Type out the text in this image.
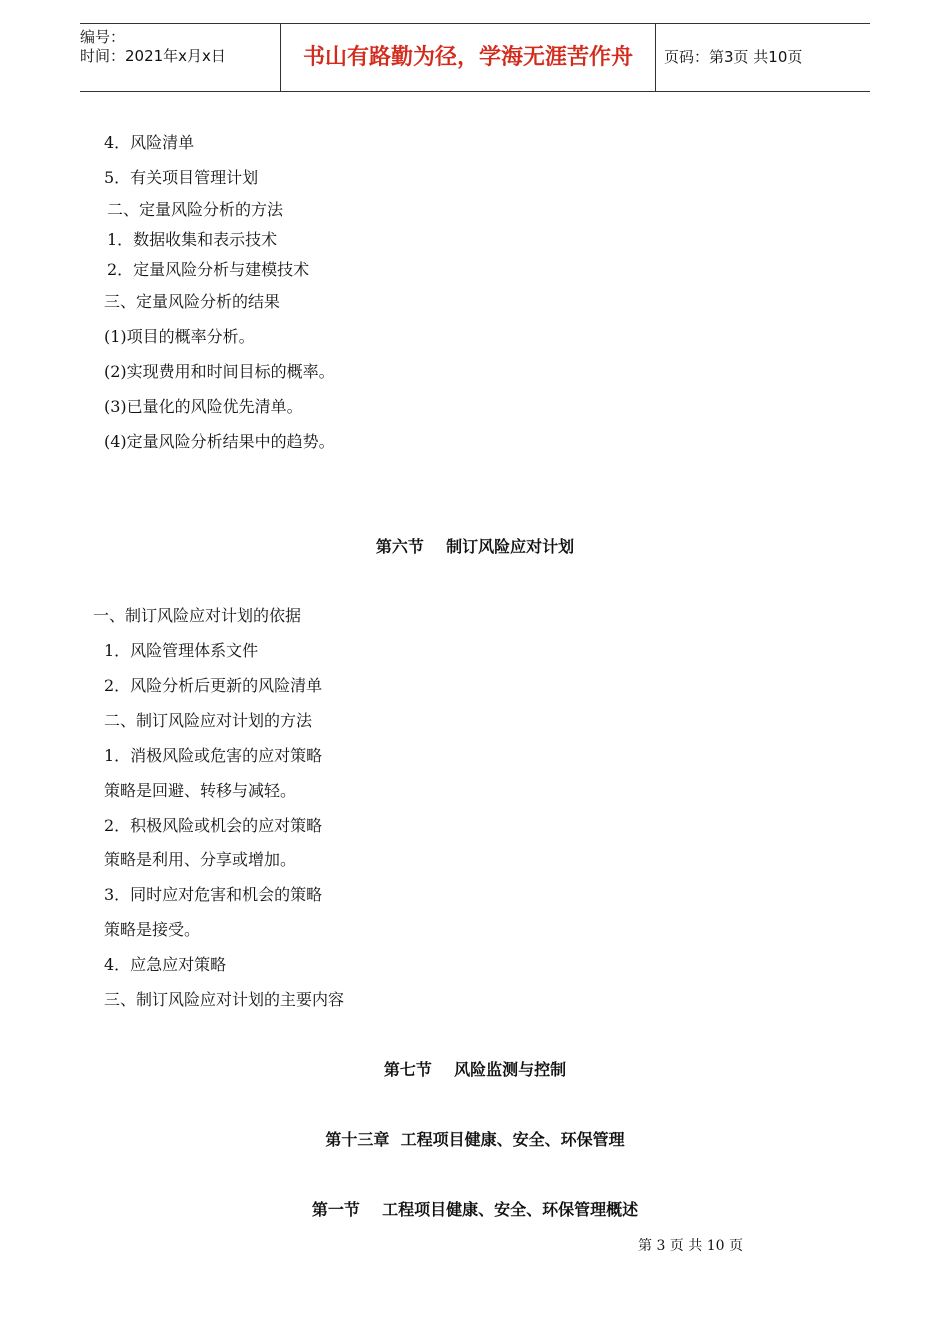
编号：
时间：2021年x月x日	书山有路勤为径，学海无涯苦作舟	页码：第3页 共10页
4．风险清单
5．有关项目管理计划
二、定量风险分析的方法
1．数据收集和表示技术
2．定量风险分析与建模技术
三、定量风险分析的结果
(1)项目的概率分析。
(2)实现费用和时间目标的概率。
(3)已量化的风险优先清单。
(4)定量风险分析结果中的趋势。
第六节    制订风险应对计划
一、制订风险应对计划的依据
1．风险管理体系文件
2．风险分析后更新的风险清单
二、制订风险应对计划的方法
1．消极风险或危害的应对策略
策略是回避、转移与减轻。
2．积极风险或机会的应对策略
策略是利用、分享或增加。
3．同时应对危害和机会的策略
策略是接受。
4．应急应对策略
三、制订风险应对计划的主要内容
第七节    风险监测与控制
第十三章  工程项目健康、安全、环保管理
第一节    工程项目健康、安全、环保管理概述
第 3 页 共 10 页
